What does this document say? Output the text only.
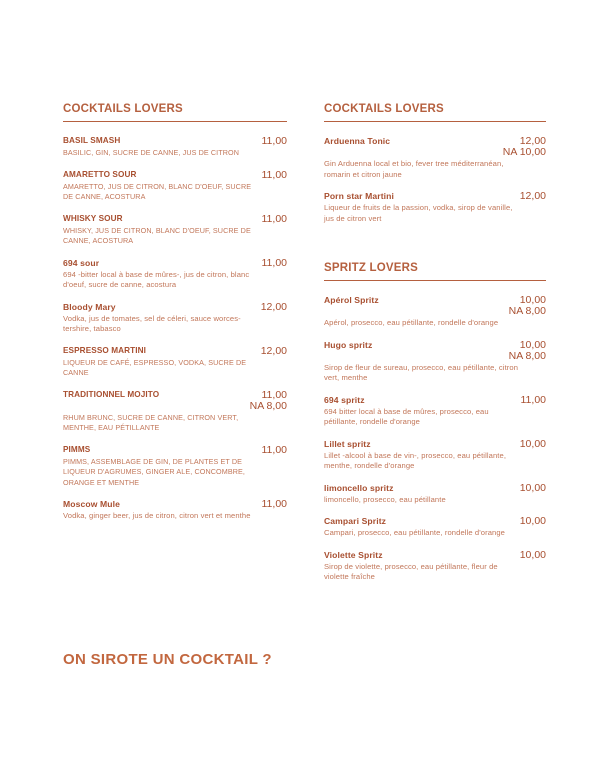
COCKTAILS LOVERS
BASIL SMASH	11,00
BASILIC, GIN, SUCRE DE CANNE, JUS DE CITRON
AMARETTO SOUR	11,00
AMARETTO, JUS DE CITRON, BLANC D'OEUF, SUCRE DE CANNE, ACOSTURA
WHISKY SOUR	11,00
WHISKY, JUS DE CITRON, BLANC D'OEUF, SUCRE DE CANNE, ACOSTURA
694 sour	11,00
694 -bitter local à base de mûres-, jus de citron, blanc d'oeuf, sucre de canne, acostura
Bloody Mary	12,00
Vodka, jus de tomates, sel de céleri, sauce worces-tershire, tabasco
ESPRESSO MARTINI	12,00
LIQUEUR DE CAFÉ, ESPRESSO, VODKA, SUCRE DE CANNE
TRADITIONNEL MOJITO	11,00
NA 8,00
RHUM BRUNC, SUCRE DE CANNE, CITRON VERT, MENTHE, EAU PÉTILLANTE
PIMMS	11,00
PIMMS, ASSEMBLAGE DE GIN, DE PLANTES ET DE LIQUEUR D'AGRUMES, GINGER ALE, CONCOMBRE, ORANGE ET MENTHE
Moscow Mule	11,00
Vodka, ginger beer, jus de citron, citron vert et menthe
COCKTAILS LOVERS
Arduenna Tonic	12,00
NA 10,00
Gin Arduenna local et bio, fever tree méditerranéan, romarin et citron jaune
Porn star Martini	12,00
Liqueur de fruits de la passion, vodka, sirop de vanille, jus de citron vert
SPRITZ LOVERS
Apérol Spritz	10,00
NA 8,00
Apérol, prosecco, eau pétillante, rondelle d'orange
Hugo spritz	10,00
NA 8,00
Sirop de fleur de sureau, prosecco, eau pétillante, citron vert, menthe
694 spritz	11,00
694 bitter local à base de mûres, prosecco, eau pétillante, rondelle d'orange
Lillet spritz	10,00
Lillet -alcool à base de vin-, prosecco, eau pétillante, menthe, rondelle d'orange
limoncello spritz	10,00
limoncello, prosecco, eau pétillante
Campari Spritz	10,00
Campari, prosecco, eau pétillante, rondelle d'orange
Violette Spritz	10,00
Sirop de violette, prosecco, eau pétillante, fleur de violette fraîche
ON SIROTE UN COCKTAIL ?
